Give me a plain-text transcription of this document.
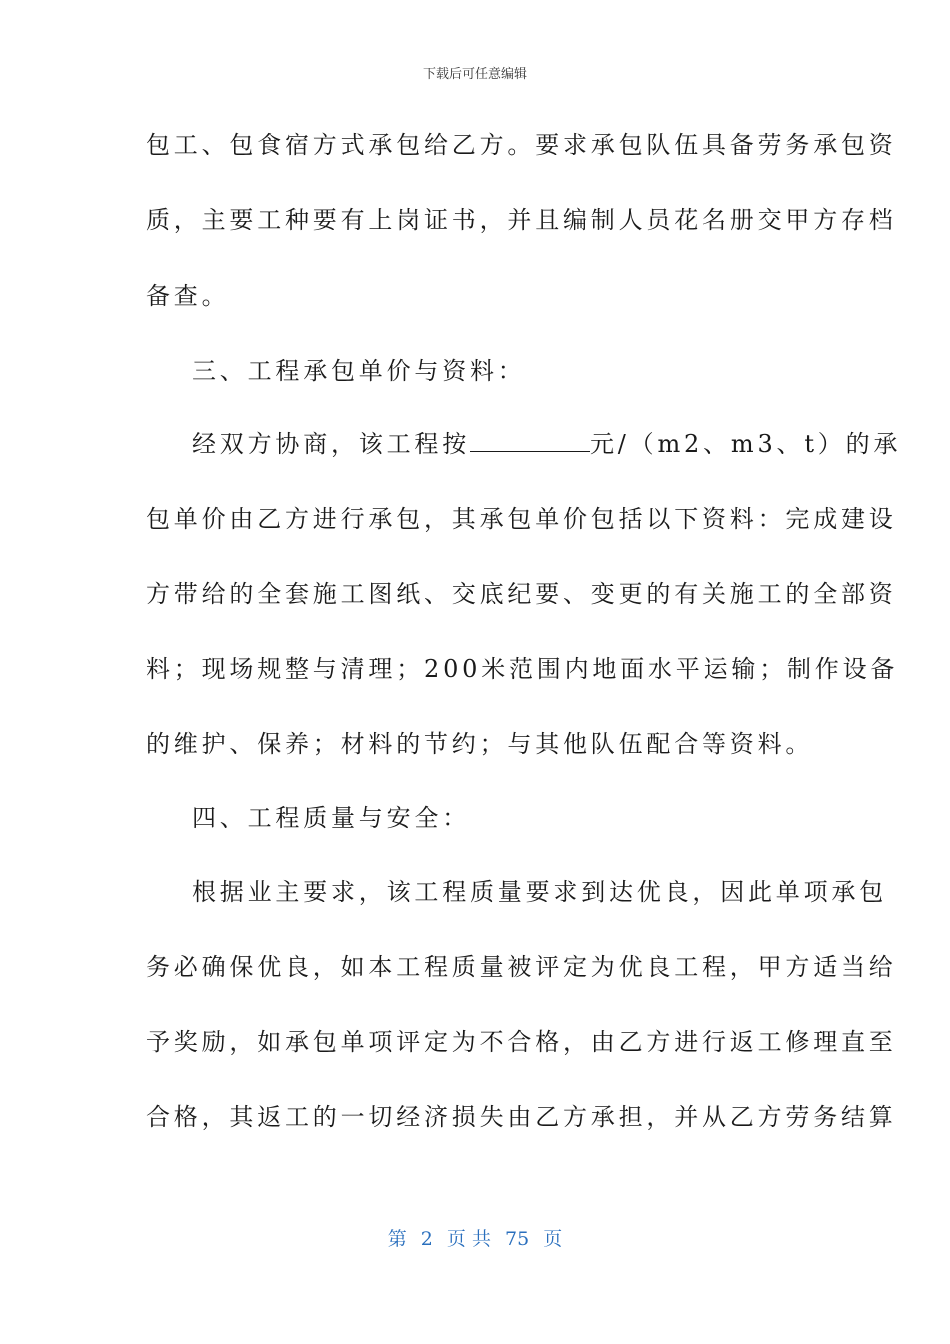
下载后可任意编辑
包工、包食宿方式承包给乙方。要求承包队伍具备劳务承包资
质，主要工种要有上岗证书，并且编制人员花名册交甲方存档
备查。
三、工程承包单价与资料：
经双方协商，该工程按	元/（m2、m3、t）的承
包单价由乙方进行承包，其承包单价包括以下资料：完成建设
方带给的全套施工图纸、交底纪要、变更的有关施工的全部资
料；现场规整与清理；200米范围内地面水平运输；制作设备
的维护、保养；材料的节约；与其他队伍配合等资料。
四、工程质量与安全：
根据业主要求，该工程质量要求到达优良，因此单项承包
务必确保优良，如本工程质量被评定为优良工程，甲方适当给
予奖励，如承包单项评定为不合格，由乙方进行返工修理直至
合格，其返工的一切经济损失由乙方承担，并从乙方劳务结算
第 2 页 共 75 页
